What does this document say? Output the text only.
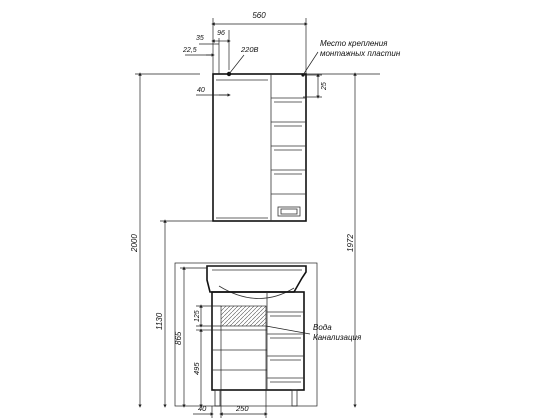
560
96
35
22,5	220В
Место крепления
монтажных пластин
25
40
Вода
Канализация
2000	1972
1130
865
125
495
40	250
